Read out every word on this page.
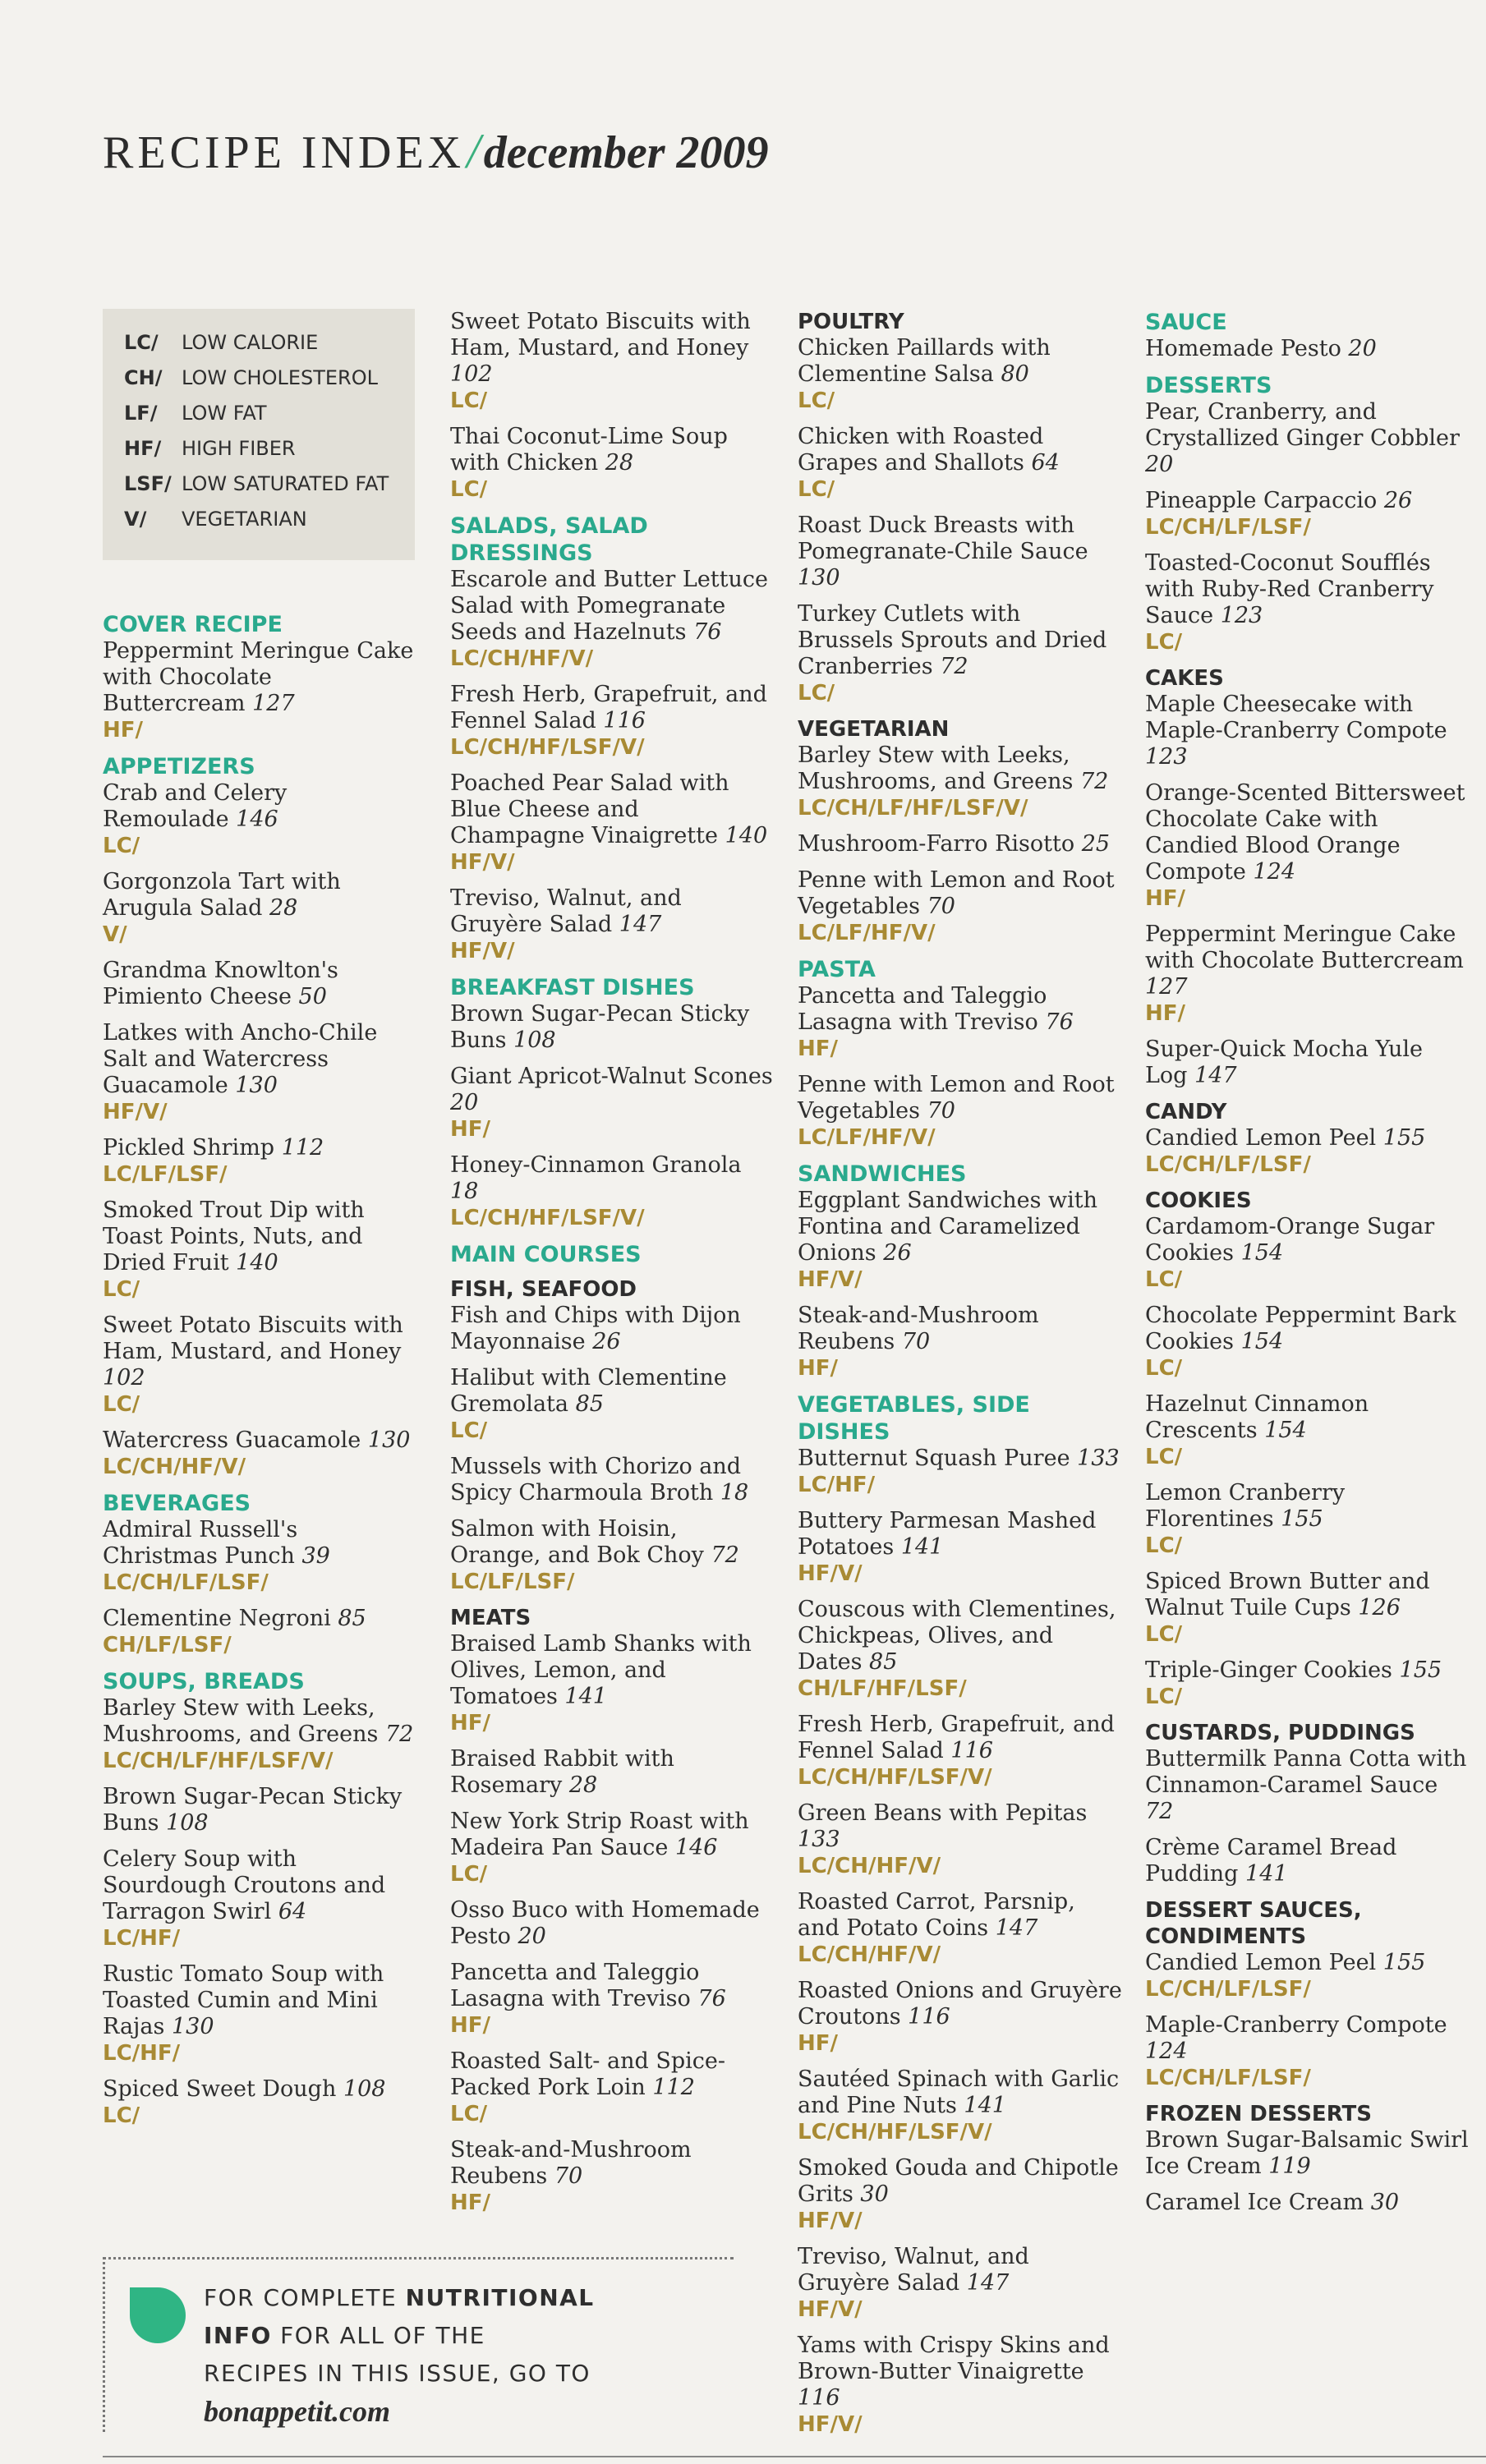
RECIPE INDEX/december 2009
LC/	LOW CALORIE
CH/ LOW CHOLESTEROL
LF/	LOW FAT
HF/	HIGH FIBER
LSF/ LOW SATURATED FAT
V/	VEGETARIAN
COVER RECIPE
Peppermint Meringue Cake with Chocolate Buttercream 127
HF/
APPETIZERS
Crab and Celery Remoulade 146
LC/
Gorgonzola Tart with Arugula Salad 28
V/
Grandma Knowlton's Pimiento Cheese 50
Latkes with Ancho-Chile Salt and Watercress Guacamole 130
HF/V/
Pickled Shrimp 112
LC/LF/LSF/
Smoked Trout Dip with Toast Points, Nuts, and Dried Fruit 140
LC/
Sweet Potato Biscuits with Ham, Mustard, and Honey 102
LC/
Watercress Guacamole 130
LC/CH/HF/V/
BEVERAGES
Admiral Russell's Christmas Punch 39
LC/CH/LF/LSF/
Clementine Negroni 85
CH/LF/LSF/
SOUPS, BREADS
Barley Stew with Leeks, Mushrooms, and Greens 72
LC/CH/LF/HF/LSF/V/
Brown Sugar-Pecan Sticky Buns 108
Celery Soup with Sourdough Croutons and Tarragon Swirl 64
LC/HF/
Rustic Tomato Soup with Toasted Cumin and Mini Rajas 130
LC/HF/
Spiced Sweet Dough 108
LC/
Sweet Potato Biscuits with Ham, Mustard, and Honey 102
LC/
Thai Coconut-Lime Soup with Chicken 28
LC/
SALADS, SALAD DRESSINGS
Escarole and Butter Lettuce Salad with Pomegranate Seeds and Hazelnuts 76
LC/CH/HF/V/
Fresh Herb, Grapefruit, and Fennel Salad 116
LC/CH/HF/LSF/V/
Poached Pear Salad with Blue Cheese and Champagne Vinaigrette 140
HF/V/
Treviso, Walnut, and Gruyère Salad 147
HF/V/
BREAKFAST DISHES
Brown Sugar-Pecan Sticky Buns 108
Giant Apricot-Walnut Scones 20
HF/
Honey-Cinnamon Granola 18
LC/CH/HF/LSF/V/
MAIN COURSES
FISH, SEAFOOD
Fish and Chips with Dijon Mayonnaise 26
Halibut with Clementine Gremolata 85
LC/
Mussels with Chorizo and Spicy Charmoula Broth 18
Salmon with Hoisin, Orange, and Bok Choy 72
LC/LF/LSF/
MEATS
Braised Lamb Shanks with Olives, Lemon, and Tomatoes 141
HF/
Braised Rabbit with Rosemary 28
New York Strip Roast with Madeira Pan Sauce 146
LC/
Osso Buco with Homemade Pesto 20
Pancetta and Taleggio Lasagna with Treviso 76
HF/
Roasted Salt- and Spice-Packed Pork Loin 112
LC/
Steak-and-Mushroom Reubens 70
HF/
POULTRY
Chicken Paillards with Clementine Salsa 80
LC/
Chicken with Roasted Grapes and Shallots 64
LC/
Roast Duck Breasts with Pomegranate-Chile Sauce 130
Turkey Cutlets with Brussels Sprouts and Dried Cranberries 72
LC/
VEGETARIAN
Barley Stew with Leeks, Mushrooms, and Greens 72
LC/CH/LF/HF/LSF/V/
Mushroom-Farro Risotto 25
Penne with Lemon and Root Vegetables 70
LC/LF/HF/V/
PASTA
Pancetta and Taleggio Lasagna with Treviso 76
HF/
Penne with Lemon and Root Vegetables 70
LC/LF/HF/V/
SANDWICHES
Eggplant Sandwiches with Fontina and Caramelized Onions 26
HF/V/
Steak-and-Mushroom Reubens 70
HF/
VEGETABLES, SIDE DISHES
Butternut Squash Puree 133
LC/HF/
Buttery Parmesan Mashed Potatoes 141
HF/V/
Couscous with Clementines, Chickpeas, Olives, and Dates 85
CH/LF/HF/LSF/
Fresh Herb, Grapefruit, and Fennel Salad 116
LC/CH/HF/LSF/V/
Green Beans with Pepitas 133
LC/CH/HF/V/
Roasted Carrot, Parsnip, and Potato Coins 147
LC/CH/HF/V/
Roasted Onions and Gruyère Croutons 116
HF/
Sautéed Spinach with Garlic and Pine Nuts 141
LC/CH/HF/LSF/V/
Smoked Gouda and Chipotle Grits 30
HF/V/
Treviso, Walnut, and Gruyère Salad 147
HF/V/
Yams with Crispy Skins and Brown-Butter Vinaigrette 116
HF/V/
SAUCE
Homemade Pesto 20
DESSERTS
Pear, Cranberry, and Crystallized Ginger Cobbler 20
Pineapple Carpaccio 26
LC/CH/LF/LSF/
Toasted-Coconut Soufflés with Ruby-Red Cranberry Sauce 123
LC/
CAKES
Maple Cheesecake with Maple-Cranberry Compote 123
Orange-Scented Bittersweet Chocolate Cake with Candied Blood Orange Compote 124
HF/
Peppermint Meringue Cake with Chocolate Buttercream 127
HF/
Super-Quick Mocha Yule Log 147
CANDY
Candied Lemon Peel 155
LC/CH/LF/LSF/
COOKIES
Cardamom-Orange Sugar Cookies 154
LC/
Chocolate Peppermint Bark Cookies 154
LC/
Hazelnut Cinnamon Crescents 154
LC/
Lemon Cranberry Florentines 155
LC/
Spiced Brown Butter and Walnut Tuile Cups 126
LC/
Triple-Ginger Cookies 155
LC/
CUSTARDS, PUDDINGS
Buttermilk Panna Cotta with Cinnamon-Caramel Sauce 72
Crème Caramel Bread Pudding 141
DESSERT SAUCES, CONDIMENTS
Candied Lemon Peel 155
LC/CH/LF/LSF/
Maple-Cranberry Compote 124
LC/CH/LF/LSF/
FROZEN DESSERTS
Brown Sugar-Balsamic Swirl Ice Cream 119
Caramel Ice Cream 30
FOR COMPLETE NUTRITIONAL
INFO FOR ALL OF THE
RECIPES IN THIS ISSUE, GO TO
bonappetit.com
